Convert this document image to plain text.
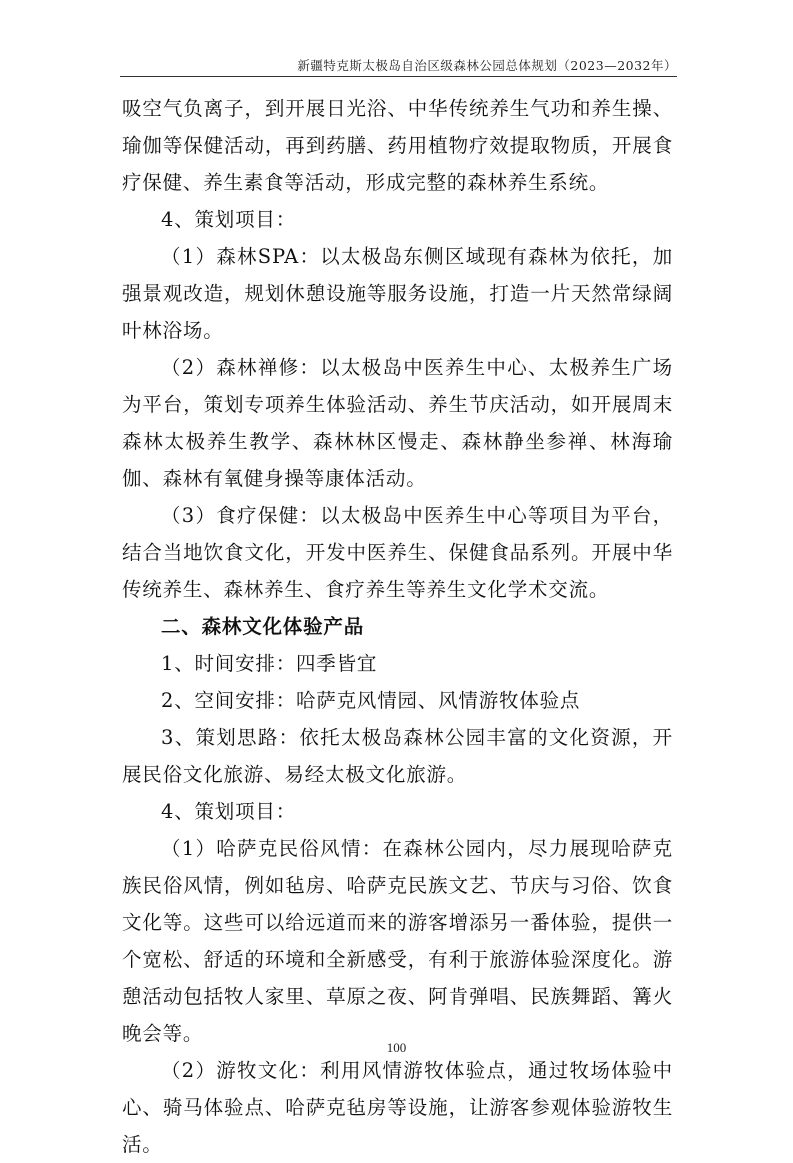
新疆特克斯太极岛自治区级森林公园总体规划（2023—2032年）

吸空气负离子，到开展日光浴、中华传统养生气功和养生操、瑜伽等保健活动，再到药膳、药用植物疗效提取物质，开展食疗保健、养生素食等活动，形成完整的森林养生系统。

4、策划项目：

（1）森林SPA：以太极岛东侧区域现有森林为依托，加强景观改造，规划休憩设施等服务设施，打造一片天然常绿阔叶林浴场。

（2）森林禅修：以太极岛中医养生中心、太极养生广场为平台，策划专项养生体验活动、养生节庆活动，如开展周末森林太极养生教学、森林林区慢走、森林静坐参禅、林海瑜伽、森林有氧健身操等康体活动。

（3）食疗保健：以太极岛中医养生中心等项目为平台，结合当地饮食文化，开发中医养生、保健食品系列。开展中华传统养生、森林养生、食疗养生等养生文化学术交流。

二、森林文化体验产品

1、时间安排：四季皆宜

2、空间安排：哈萨克风情园、风情游牧体验点

3、策划思路：依托太极岛森林公园丰富的文化资源，开展民俗文化旅游、易经太极文化旅游。

4、策划项目：

（1）哈萨克民俗风情：在森林公园内，尽力展现哈萨克族民俗风情，例如毡房、哈萨克民族文艺、节庆与习俗、饮食文化等。这些可以给远道而来的游客增添另一番体验，提供一个宽松、舒适的环境和全新感受，有利于旅游体验深度化。游憩活动包括牧人家里、草原之夜、阿肯弹唱、民族舞蹈、篝火晚会等。

（2）游牧文化：利用风情游牧体验点，通过牧场体验中心、骑马体验点、哈萨克毡房等设施，让游客参观体验游牧生活。

100
